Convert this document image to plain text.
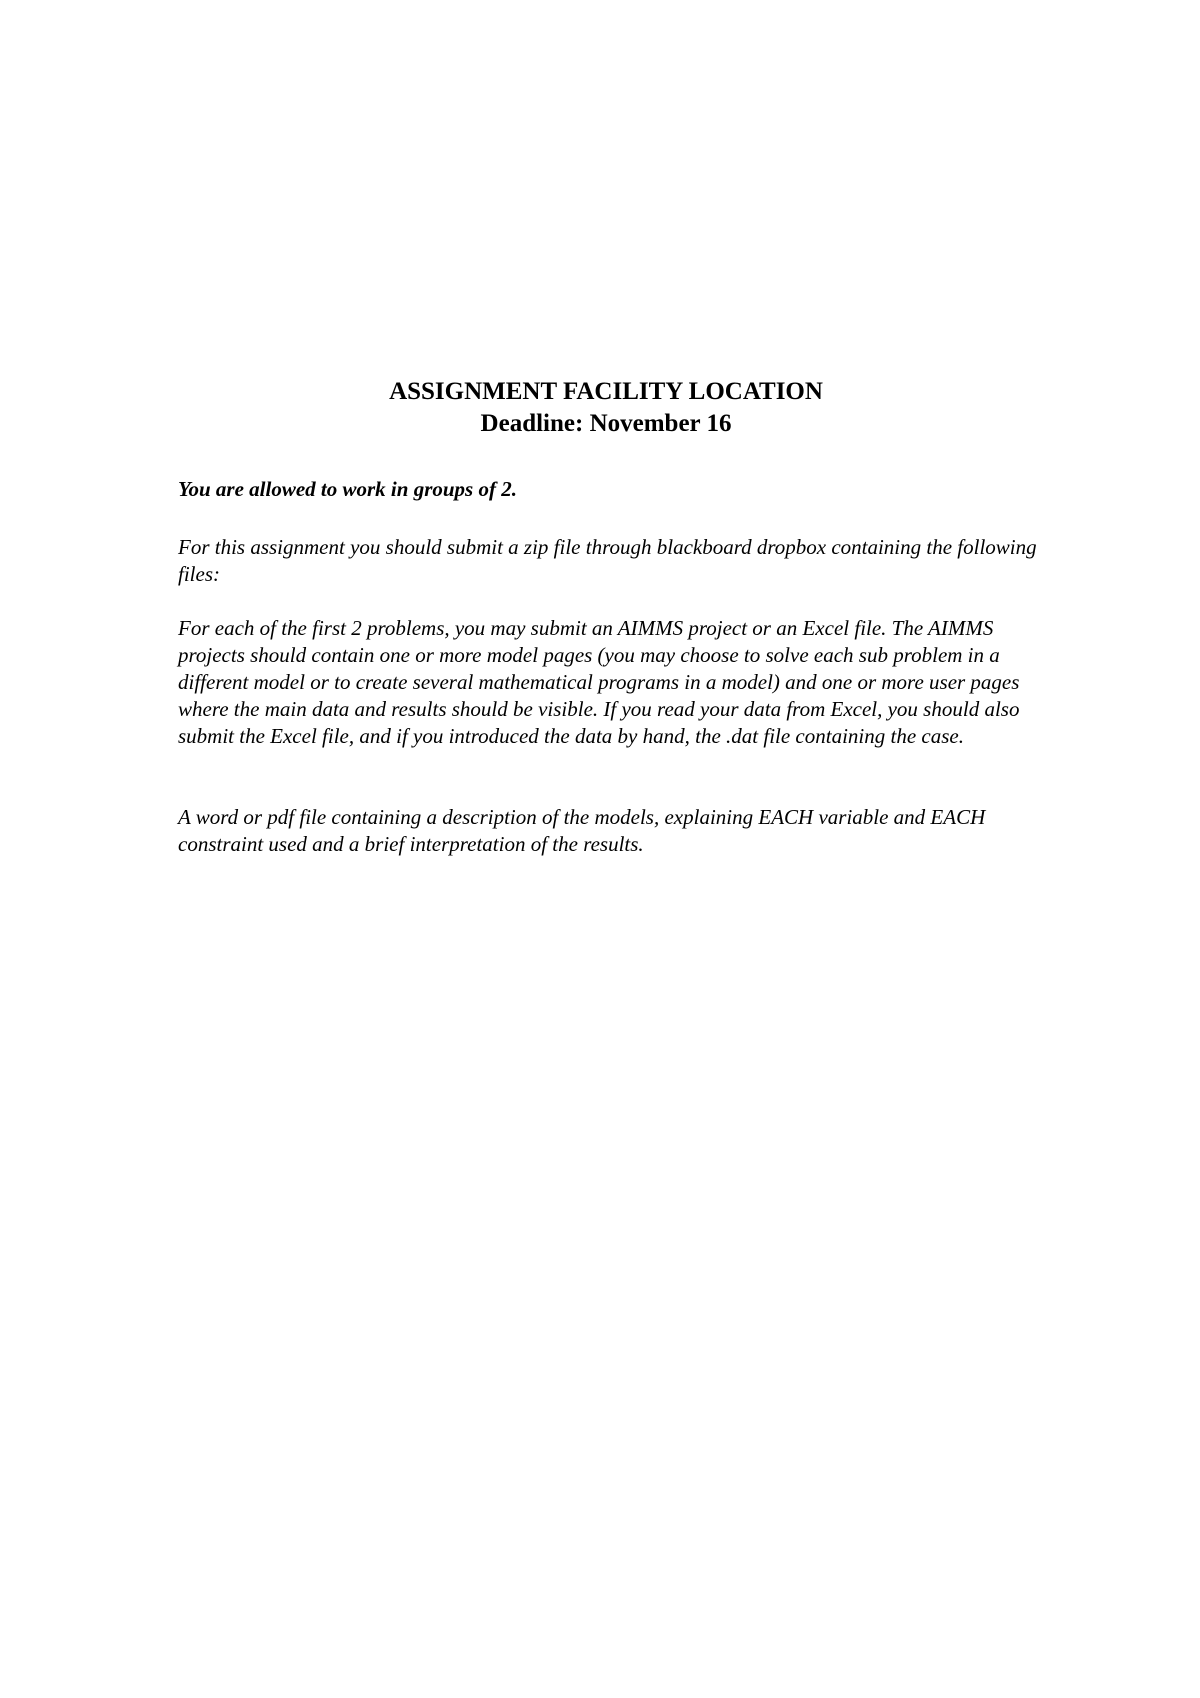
ASSIGNMENT FACILITY LOCATION
Deadline: November 16

You are allowed to work in groups of 2.

For this assignment you should submit a zip file through blackboard dropbox containing the following files:

For each of the first 2 problems, you may submit an AIMMS project or an Excel file. The AIMMS projects should contain one or more model pages (you may choose to solve each sub problem in a different model or to create several mathematical programs in a model) and one or more user pages where the main data and results should be visible. If you read your data from Excel, you should also submit the Excel file, and if you introduced the data by hand, the .dat file containing the case.

A word or pdf file containing a description of the models, explaining EACH variable and EACH constraint used and a brief interpretation of the results.
